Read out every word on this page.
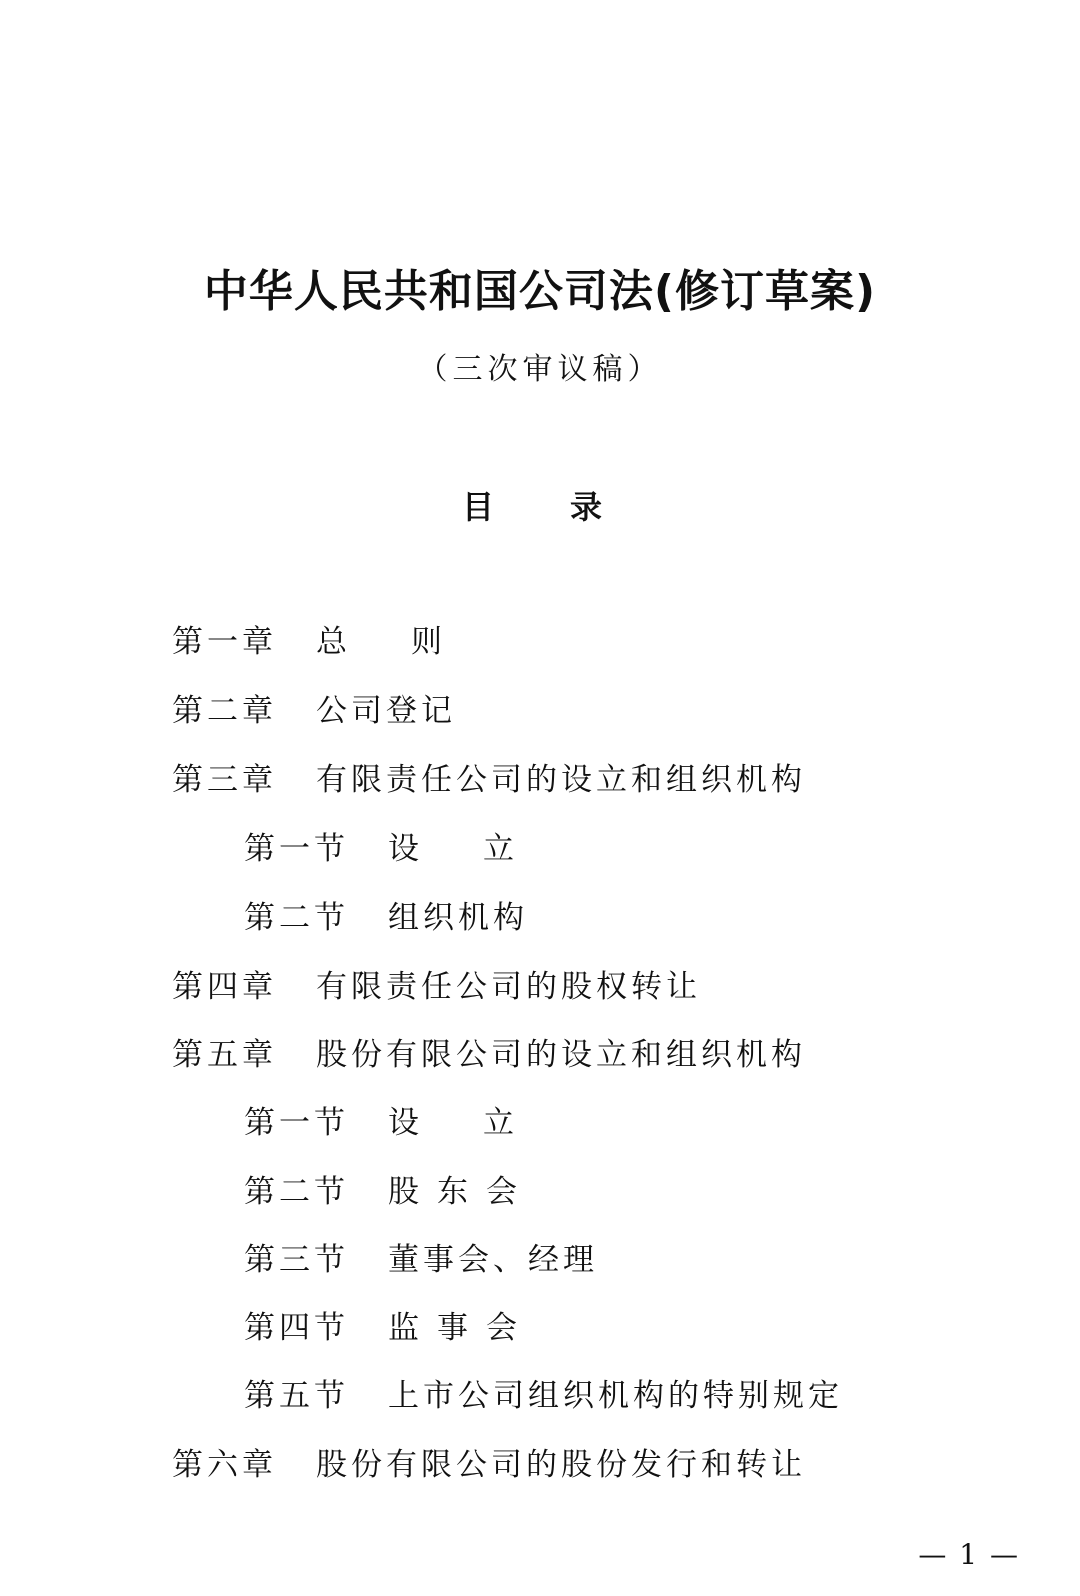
中华人民共和国公司法(修订草案)
（三次审议稿）
目 录
第一章 总则
第二章 公司登记
第三章 有限责任公司的设立和组织机构
第一节 设立
第二节 组织机构
第四章 有限责任公司的股权转让
第五章 股份有限公司的设立和组织机构
第一节 设立
第二节 股东会
第三节 董事会、经理
第四节 监事会
第五节 上市公司组织机构的特别规定
第六章 股份有限公司的股份发行和转让
— 1 —
